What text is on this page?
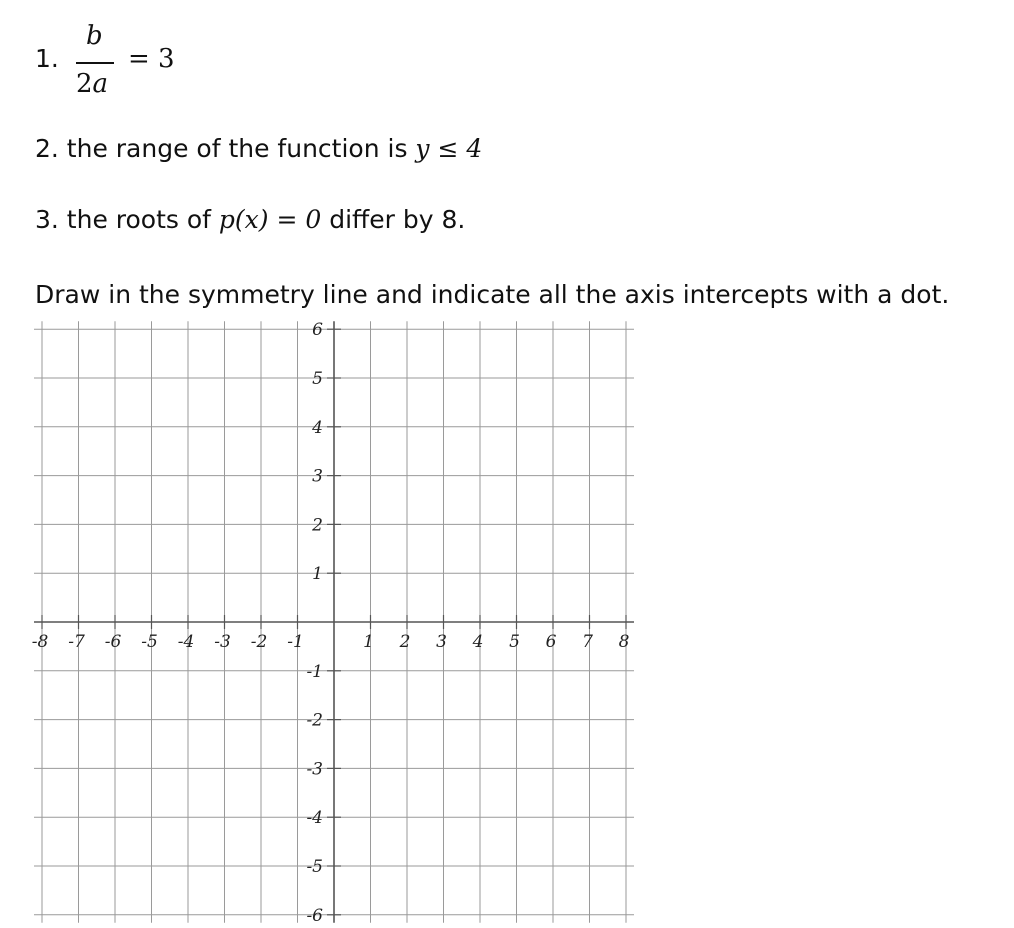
1.
b
2a
= 3
2. the range of the function is y ≤ 4
3. the roots of p(x) = 0 differ by 8.
Draw in the symmetry line and indicate all the axis intercepts with a dot.
-8 -7 -6 -5 -4 -3 -2 -1	1 2 3 4 5 6 7 8
6
5
4
3
2
1
-1
-2
-3
-4
-5
-6
